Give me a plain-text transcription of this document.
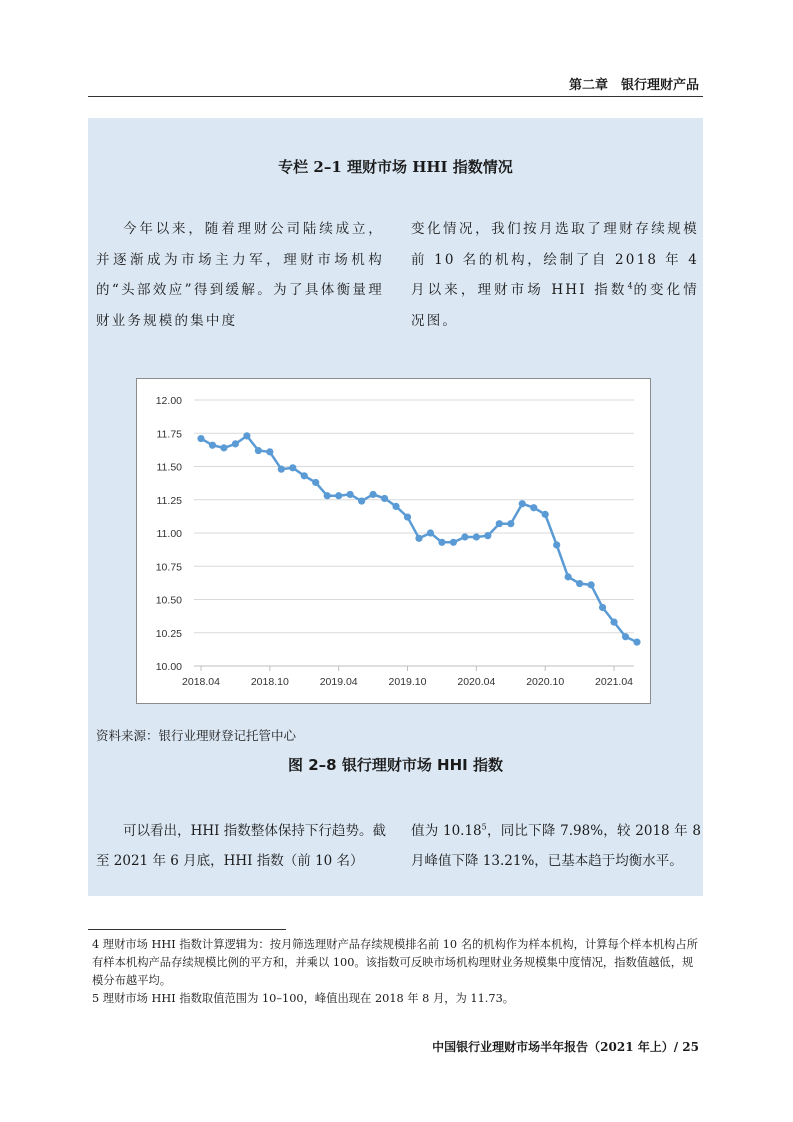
第二章　银行理财产品
专栏 2–1 理财市场 HHI 指数情况
今年以来，随着理财公司陆续成立，并逐渐成为市场主力军，理财市场机构的“头部效应”得到缓解。为了具体衡量理财业务规模的集中度
变化情况，我们按月选取了理财存续规模前 10 名的机构，绘制了自 2018 年 4 月以来，理财市场 HHI 指数$^4$的变化情况图。
10.00
10.25
10.50
10.75
11.00
11.25
11.50
11.75
12.00
2018.04	2018.10	2019.04	2019.10	2020.04	2020.10	2021.04
资料来源：银行业理财登记托管中心
图 2–8 银行理财市场 HHI 指数
可以看出，HHI 指数整体保持下行趋势。截至 2021 年 6 月底，HHI 指数（前 10 名）
值为 10.18$^5$，同比下降 7.98%，较 2018 年 8 月峰值下降 13.21%，已基本趋于均衡水平。
4 理财市场 HHI 指数计算逻辑为：按月筛选理财产品存续规模排名前 10 名的机构作为样本机构，计算每个样本机构占所有样本机构产品存续规模比例的平方和，并乘以 100。该指数可反映市场机构理财业务规模集中度情况，指数值越低，规模分布越平均。
5 理财市场 HHI 指数取值范围为 10–100，峰值出现在 2018 年 8 月，为 11.73。
中国银行业理财市场半年报告（2021 年上）/ 25
